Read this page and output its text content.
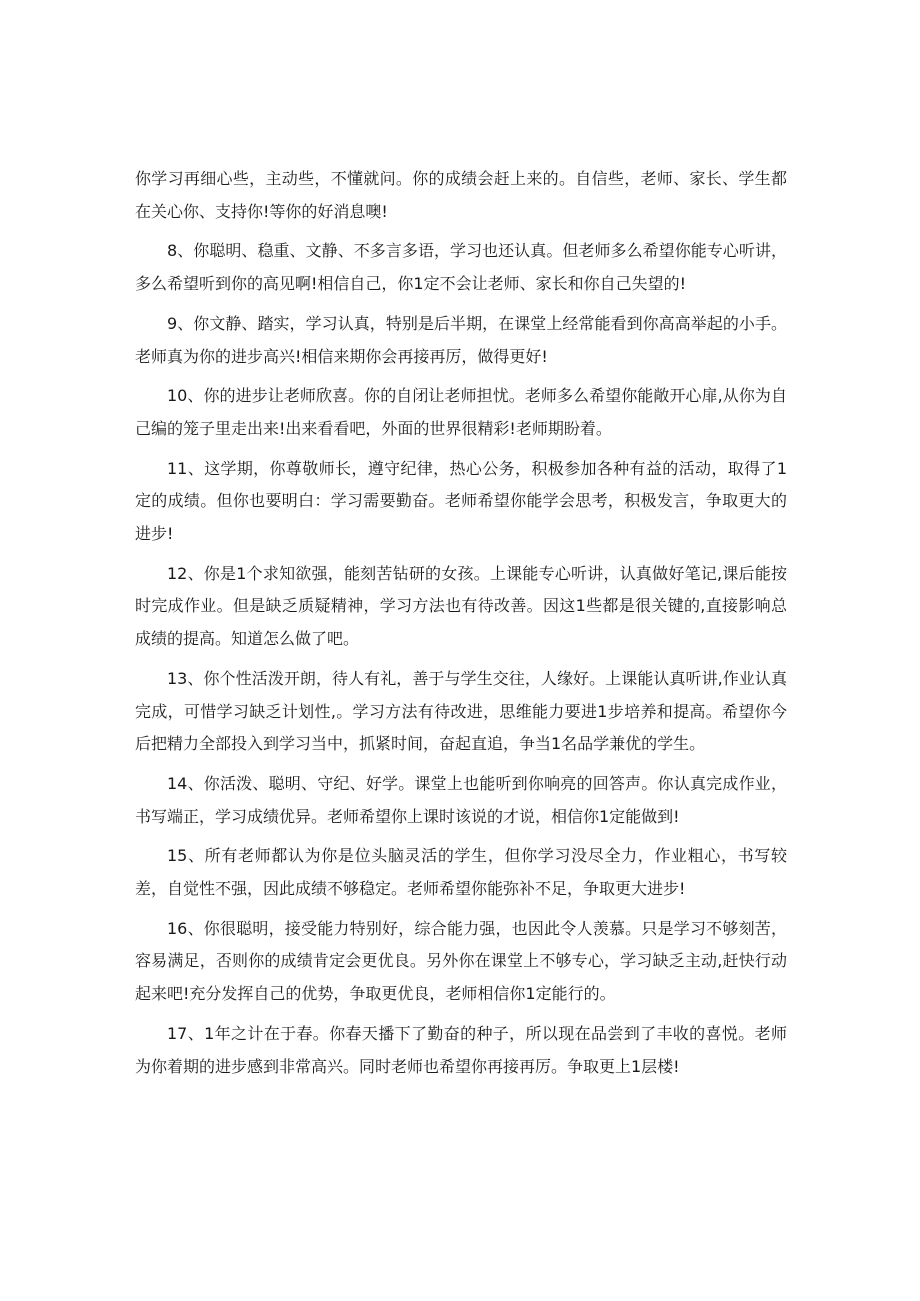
你学习再细心些，主动些，不懂就问。你的成绩会赶上来的。自信些，老师、家长、学生都在关心你、支持你!等你的好消息噢!

8、你聪明、稳重、文静、不多言多语，学习也还认真。但老师多么希望你能专心听讲，多么希望听到你的高见啊!相信自己，你1定不会让老师、家长和你自己失望的!

9、你文静、踏实，学习认真，特别是后半期，在课堂上经常能看到你高高举起的小手。老师真为你的进步高兴!相信来期你会再接再厉，做得更好!

10、你的进步让老师欣喜。你的自闭让老师担忧。老师多么希望你能敞开心扉,从你为自己编的笼子里走出来!出来看看吧，外面的世界很精彩!老师期盼着。

11、这学期，你尊敬师长，遵守纪律，热心公务，积极参加各种有益的活动，取得了1定的成绩。但你也要明白：学习需要勤奋。老师希望你能学会思考，积极发言，争取更大的进步!

12、你是1个求知欲强，能刻苦钻研的女孩。上课能专心听讲，认真做好笔记,课后能按时完成作业。但是缺乏质疑精神，学习方法也有待改善。因这1些都是很关键的,直接影响总成绩的提高。知道怎么做了吧。

13、你个性活泼开朗，待人有礼，善于与学生交往，人缘好。上课能认真听讲,作业认真完成，可惜学习缺乏计划性,。学习方法有待改进，思维能力要进1步培养和提高。希望你今后把精力全部投入到学习当中，抓紧时间，奋起直追，争当1名品学兼优的学生。

14、你活泼、聪明、守纪、好学。课堂上也能听到你响亮的回答声。你认真完成作业，书写端正，学习成绩优异。老师希望你上课时该说的才说，相信你1定能做到!

15、所有老师都认为你是位头脑灵活的学生，但你学习没尽全力，作业粗心，书写较差，自觉性不强，因此成绩不够稳定。老师希望你能弥补不足，争取更大进步!

16、你很聪明，接受能力特别好，综合能力强，也因此令人羡慕。只是学习不够刻苦，容易满足，否则你的成绩肯定会更优良。另外你在课堂上不够专心，学习缺乏主动,赶快行动起来吧!充分发挥自己的优势，争取更优良，老师相信你1定能行的。

17、1年之计在于春。你春天播下了勤奋的种子，所以现在品尝到了丰收的喜悦。老师为你着期的进步感到非常高兴。同时老师也希望你再接再厉。争取更上1层楼!
